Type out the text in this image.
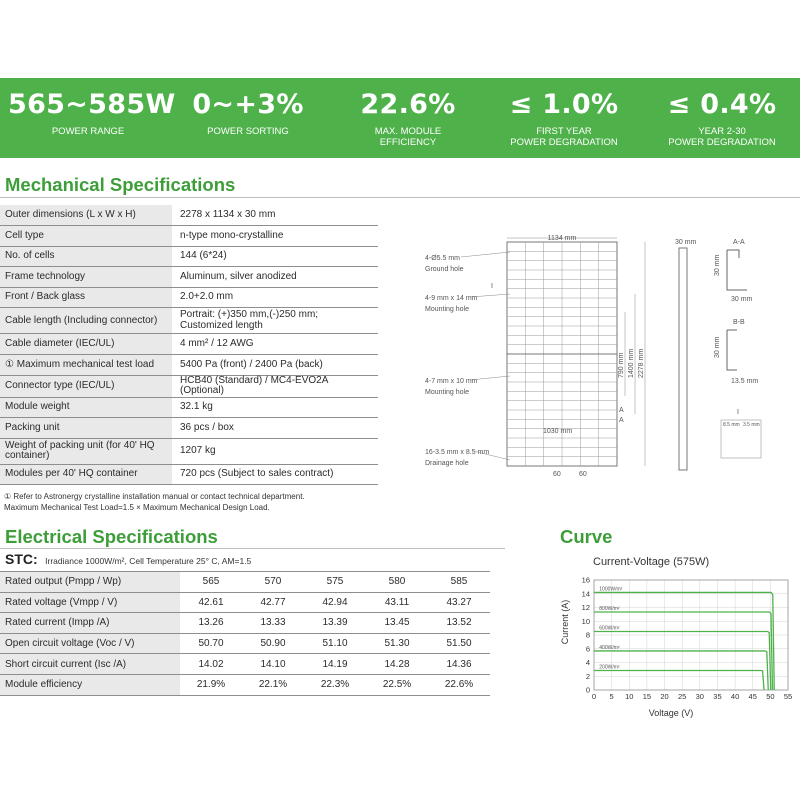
565~585W
POWER RANGE
0~+3%
POWER SORTING
22.6%
MAX. MODULE
EFFICIENCY
≤ 1.0%
FIRST YEAR
POWER DEGRADATION
≤ 0.4%
YEAR 2-30
POWER DEGRADATION
Mechanical Specifications
Outer dimensions (L x W x H)	2278 x 1134 x 30 mm
Cell type	n-type mono-crystalline
No. of cells	144 (6*24)
Frame technology	Aluminum, silver anodized
Front / Back glass	2.0+2.0 mm
Cable length (Including connector)	Portrait: (+)350 mm,(-)250 mm; Customized length
Cable diameter (IEC/UL)	4 mm² / 12 AWG
① Maximum mechanical test load	5400 Pa (front) / 2400 Pa (back)
Connector type (IEC/UL)	HCB40 (Standard) / MC4-EVO2A (Optional)
Module weight	32.1 kg
Packing unit	36 pcs / box
Weight of packing unit (for 40' HQ container)	1207 kg
Modules per 40' HQ container	720 pcs (Subject to sales contract)
① Refer to Astronergy crystalline installation manual or contact technical department.
Maximum Mechanical Test Load=1.5 × Maximum Mechanical Design Load.
1134 mm
4-Ø5.5 mm
Ground hole
I
4-9 mm x 14 mm
Mounting hole
4-7 mm x 10 mm
Mounting hole
16-3.5 mm x 8.5 mm
Drainage hole
1030 mm
60	60
790 mm 1400 mm 2278 mm
A
A
30 mm	A-A
30 mm
30 mm
B-B
30 mm
13.5 mm
I
8.5 mm 3.5 mm
Electrical Specifications	Curve
STC: Irradiance 1000W/m², Cell Temperature 25° C, AM=1.5
Rated output (Pmpp / Wp)	565	570	575	580	585
Rated voltage (Vmpp / V)	42.61	42.77	42.94	43.11	43.27
Rated current (Impp /A)	13.26	13.33	13.39	13.45	13.52
Open circuit voltage (Voc / V)	50.70	50.90	51.10	51.30	51.50
Short circuit current (Isc /A)	14.02	14.10	14.19	14.28	14.36
Module efficiency	21.9%	22.1%	22.3%	22.5%	22.6%
Current-Voltage (575W)
1000W/m²
800W/m²
600W/m²
400W/m²
200W/m²
0 5 10 15 20 25 30 35 40 45 50 55
0
2
4
6
8
10
12
14
16
Voltage (V)
Current (A)
